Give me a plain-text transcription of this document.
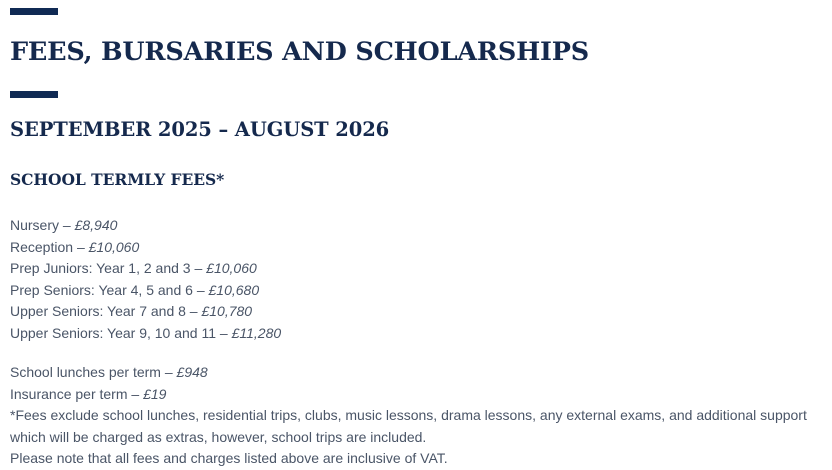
FEES, BURSARIES AND SCHOLARSHIPS
SEPTEMBER 2025 – AUGUST 2026
SCHOOL TERMLY FEES*
Nursery – £8,940
Reception – £10,060
Prep Juniors: Year 1, 2 and 3 – £10,060
Prep Seniors: Year 4, 5 and 6 – £10,680
Upper Seniors: Year 7 and 8 – £10,780
Upper Seniors: Year 9, 10 and 11 – £11,280
School lunches per term – £948
Insurance per term – £19
*Fees exclude school lunches, residential trips, clubs, music lessons, drama lessons, any external exams, and additional support which will be charged as extras, however, school trips are included.
Please note that all fees and charges listed above are inclusive of VAT.
